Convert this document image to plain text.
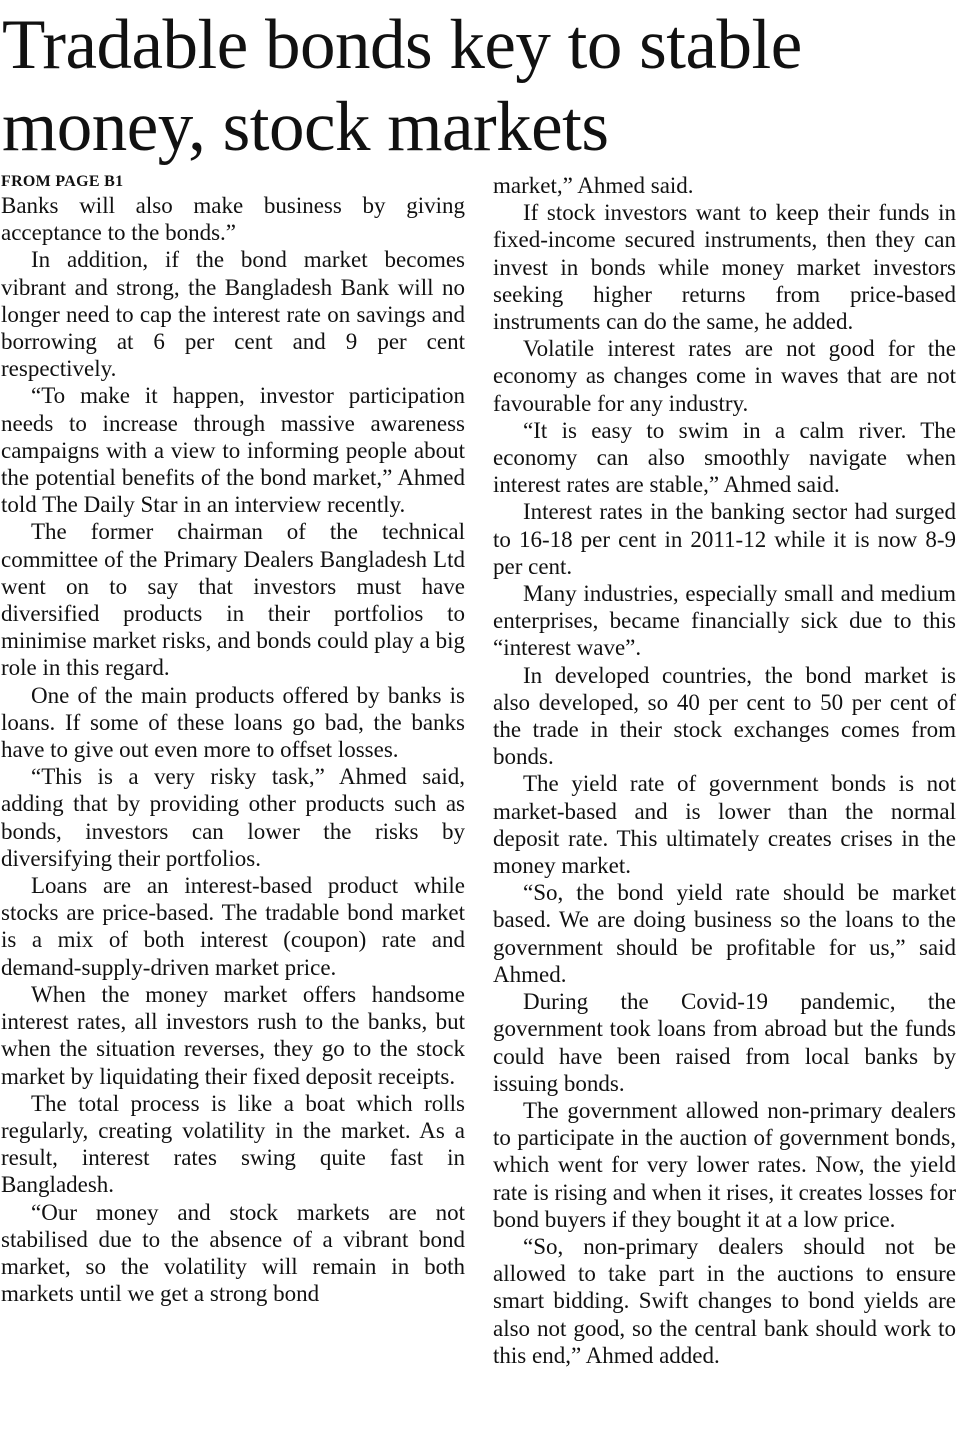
Tradable bonds key to stable money, stock markets
FROM PAGE B1

Banks will also make business by giving acceptance to the bonds.”

In addition, if the bond market becomes vibrant and strong, the Bangladesh Bank will no longer need to cap the interest rate on savings and borrowing at 6 per cent and 9 per cent respectively.

“To make it happen, investor participation needs to increase through massive awareness campaigns with a view to informing people about the potential benefits of the bond market,” Ahmed told The Daily Star in an interview recently.

The former chairman of the technical committee of the Primary Dealers Bangladesh Ltd went on to say that investors must have diversified products in their portfolios to minimise market risks, and bonds could play a big role in this regard.

One of the main products offered by banks is loans. If some of these loans go bad, the banks have to give out even more to offset losses.

“This is a very risky task,” Ahmed said, adding that by providing other products such as bonds, investors can lower the risks by diversifying their portfolios.

Loans are an interest-based product while stocks are price-based. The tradable bond market is a mix of both interest (coupon) rate and demand-supply-driven market price.

When the money market offers handsome interest rates, all investors rush to the banks, but when the situation reverses, they go to the stock market by liquidating their fixed deposit receipts.

The total process is like a boat which rolls regularly, creating volatility in the market. As a result, interest rates swing quite fast in Bangladesh.

“Our money and stock markets are not stabilised due to the absence of a vibrant bond market, so the volatility will remain in both markets until we get a strong bond

market,” Ahmed said.

If stock investors want to keep their funds in fixed-income secured instruments, then they can invest in bonds while money market investors seeking higher returns from price-based instruments can do the same, he added.

Volatile interest rates are not good for the economy as changes come in waves that are not favourable for any industry.

“It is easy to swim in a calm river. The economy can also smoothly navigate when interest rates are stable,” Ahmed said.

Interest rates in the banking sector had surged to 16-18 per cent in 2011-12 while it is now 8-9 per cent.

Many industries, especially small and medium enterprises, became financially sick due to this “interest wave”.

In developed countries, the bond market is also developed, so 40 per cent to 50 per cent of the trade in their stock exchanges comes from bonds.

The yield rate of government bonds is not market-based and is lower than the normal deposit rate. This ultimately creates crises in the money market.

“So, the bond yield rate should be market based. We are doing business so the loans to the government should be profitable for us,” said Ahmed.

During the Covid-19 pandemic, the government took loans from abroad but the funds could have been raised from local banks by issuing bonds.

The government allowed non-primary dealers to participate in the auction of government bonds, which went for very lower rates. Now, the yield rate is rising and when it rises, it creates losses for bond buyers if they bought it at a low price.

“So, non-primary dealers should not be allowed to take part in the auctions to ensure smart bidding. Swift changes to bond yields are also not good, so the central bank should work to this end,” Ahmed added.
